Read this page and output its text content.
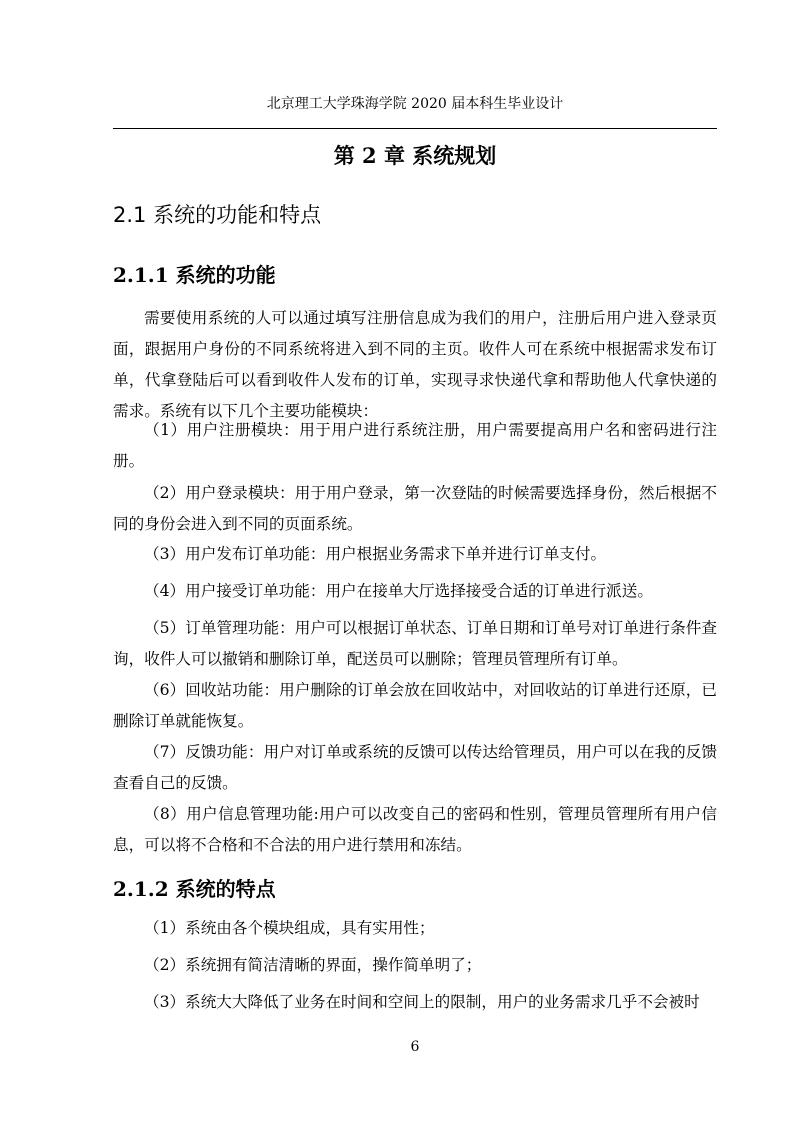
北京理工大学珠海学院 2020 届本科生毕业设计
第 2 章 系统规划
2.1 系统的功能和特点
2.1.1 系统的功能

需要使用系统的人可以通过填写注册信息成为我们的用户，注册后用户进入登录页面，跟据用户身份的不同系统将进入到不同的主页。收件人可在系统中根据需求发布订单，代拿登陆后可以看到收件人发布的订单，实现寻求快递代拿和帮助他人代拿快递的需求。系统有以下几个主要功能模块：

（1）用户注册模块：用于用户进行系统注册，用户需要提高用户名和密码进行注册。

（2）用户登录模块：用于用户登录，第一次登陆的时候需要选择身份，然后根据不同的身份会进入到不同的页面系统。

（3）用户发布订单功能：用户根据业务需求下单并进行订单支付。

（4）用户接受订单功能：用户在接单大厅选择接受合适的订单进行派送。

（5）订单管理功能：用户可以根据订单状态、订单日期和订单号对订单进行条件查询，收件人可以撤销和删除订单，配送员可以删除；管理员管理所有订单。

（6）回收站功能：用户删除的订单会放在回收站中，对回收站的订单进行还原，已删除订单就能恢复。

（7）反馈功能：用户对订单或系统的反馈可以传达给管理员，用户可以在我的反馈查看自己的反馈。

（8）用户信息管理功能:用户可以改变自己的密码和性别，管理员管理所有用户信息，可以将不合格和不合法的用户进行禁用和冻结。

2.1.2 系统的特点

（1）系统由各个模块组成，具有实用性；

（2）系统拥有简洁清晰的界面，操作简单明了；

（3）系统大大降低了业务在时间和空间上的限制，用户的业务需求几乎不会被时

6
